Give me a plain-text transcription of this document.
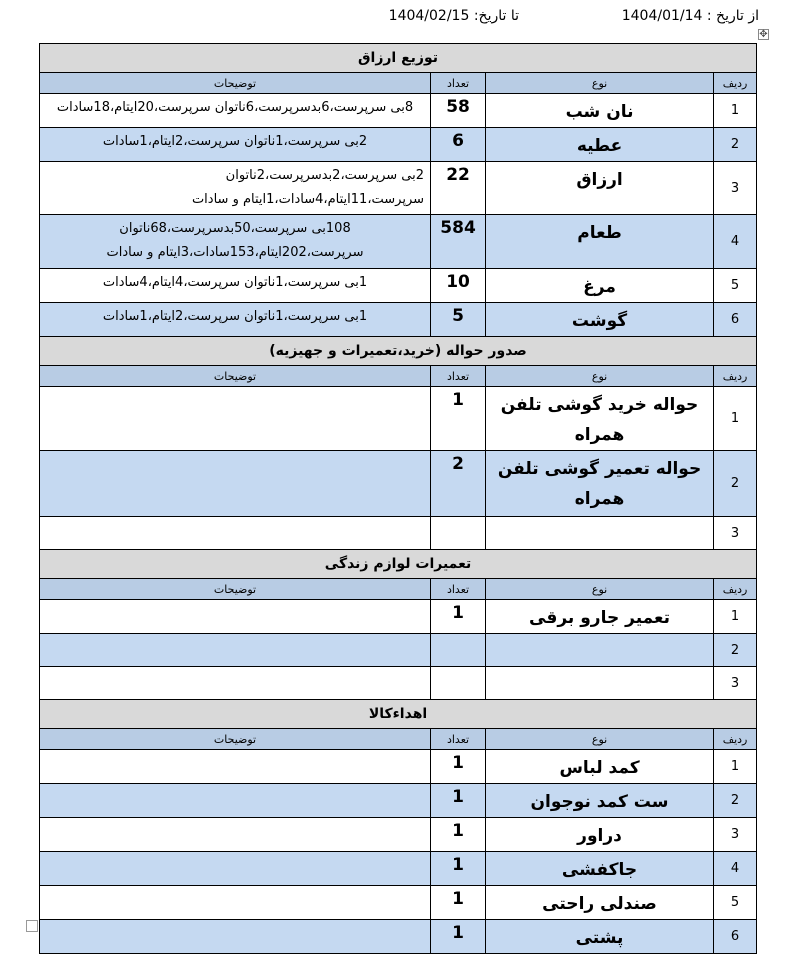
از تاریخ : 1404/01/14
تا تاریخ: 1404/02/15
✥
توزیع ارزاق			
ردیف	نوع	تعداد	توضیحات
1	نان شب	58	8بی سرپرست،6بدسرپرست،6ناتوان سرپرست،20ایتام،18سادات
2	عطیه	6	2بی سرپرست،1ناتوان سرپرست،2ایتام،1سادات
3	ارزاق	22	2بی سرپرست،2بدسرپرست،2ناتوان سرپرست،11ایتام،4سادات،1ایتام و سادات
4	طعام	584	108بی سرپرست،50بدسرپرست،68ناتوان سرپرست،202ایتام،153سادات،3ایتام و سادات
5	مرغ	10	1بی سرپرست،1ناتوان سرپرست،4ایتام،4سادات
6	گوشت	5	1بی سرپرست،1ناتوان سرپرست،2ایتام،1سادات
صدور حواله (خرید،تعمیرات و جهیزیه)			
ردیف	نوع	تعداد	توضیحات
1	حواله خرید گوشی تلفن همراه	1	
2	حواله تعمیر گوشی تلفن همراه	2	
3			
تعمیرات لوازم زندگی			
ردیف	نوع	تعداد	توضیحات
1	تعمیر جارو برقی	1	
2			
3			
اهداءکالا			
ردیف	نوع	تعداد	توضیحات
1	کمد لباس	1	
2	ست کمد نوجوان	1	
3	دراور	1	
4	جاکفشی	1	
5	صندلی راحتی	1	
6	پشتی	1	
